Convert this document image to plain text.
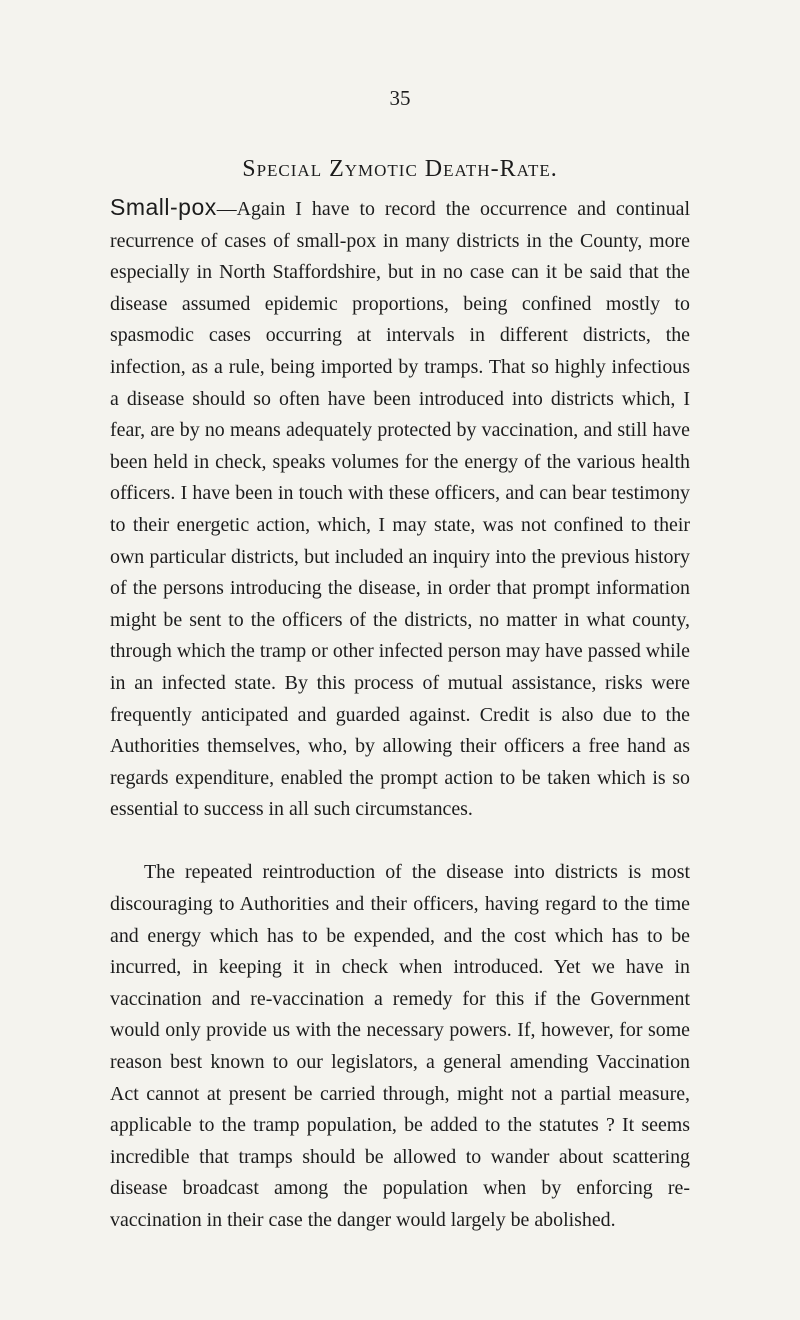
35
Special Zymotic Death-Rate.

Small-pox—Again I have to record the occurrence and continual recurrence of cases of small-pox in many districts in the County, more especially in North Staffordshire, but in no case can it be said that the disease assumed epidemic proportions, being confined mostly to spasmodic cases occurring at intervals in different districts, the infection, as a rule, being imported by tramps. That so highly infectious a disease should so often have been introduced into districts which, I fear, are by no means adequately protected by vaccination, and still have been held in check, speaks volumes for the energy of the various health officers. I have been in touch with these officers, and can bear testimony to their energetic action, which, I may state, was not confined to their own particular districts, but included an inquiry into the previous history of the persons introducing the disease, in order that prompt information might be sent to the officers of the districts, no matter in what county, through which the tramp or other infected person may have passed while in an infected state. By this process of mutual assistance, risks were frequently anticipated and guarded against. Credit is also due to the Authorities themselves, who, by allowing their officers a free hand as regards expenditure, enabled the prompt action to be taken which is so essential to success in all such circumstances.

The repeated reintroduction of the disease into districts is most discouraging to Authorities and their officers, having regard to the time and energy which has to be expended, and the cost which has to be incurred, in keeping it in check when introduced. Yet we have in vaccination and re-vaccination a remedy for this if the Government would only provide us with the necessary powers. If, however, for some reason best known to our legislators, a general amending Vaccination Act cannot at present be carried through, might not a partial measure, applicable to the tramp population, be added to the statutes ? It seems incredible that tramps should be allowed to wander about scattering disease broadcast among the population when by enforcing re-vaccination in their case the danger would largely be abolished.
